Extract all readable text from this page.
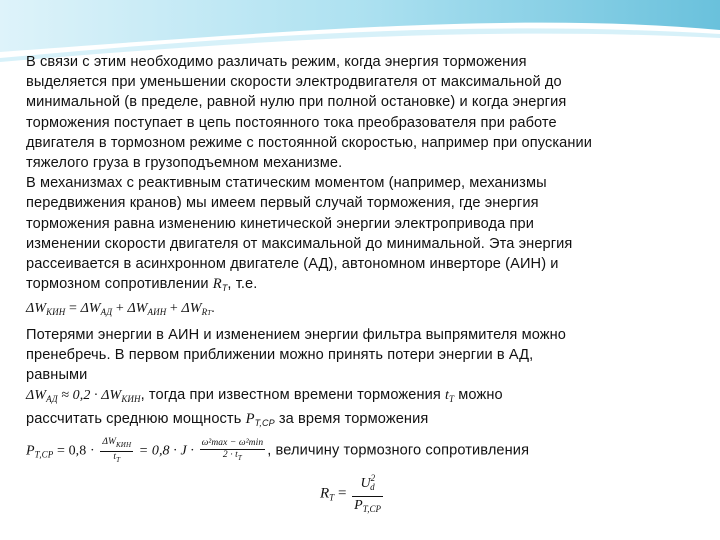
В связи с этим необходимо различать режим, когда энергия торможения
выделяется при уменьшении скорости электродвигателя от максимальной до
минимальной (в пределе, равной нулю при полной остановке) и когда энергия
торможения поступает в цепь постоянного тока преобразователя при работе
двигателя в тормозном режиме с постоянной скоростью, например при опускании
тяжелого груза в грузоподъемном механизме.
В механизмах с реактивным статическим моментом (например, механизмы
передвижения кранов) мы имеем первый случай торможения, где энергия
торможения равна изменению кинетической энергии электропривода при
изменении скорости двигателя от максимальной до минимальной. Эта энергия
рассеивается в асинхронном двигателе (АД), автономном инверторе (АИН) и
тормозном сопротивлении $R_Т$, т.е.
$\Delta W_{КИН} = \Delta W_{АД} + \Delta W_{АИН} + \Delta W_{RТ}$.
Потерями энергии в АИН и изменением энергии фильтра выпрямителя можно
пренебречь. В первом приближении можно принять потери энергии в АД,
равными
$\Delta W_{АД} \approx 0,2 \cdot \Delta W_{КИН}$, тогда при известном времени торможения $t_Т$ можно
рассчитать среднюю мощность $P_{Т,СР}$ за время торможения
$P_{Т,СР} = 0,8 \cdot \frac{\Delta W_{КИН}}{t_Т} = 0,8 \cdot J \cdot \frac{\text{ω²max − ω²min}}{2 \cdot t_Т}$ , величину тормозного сопротивления
$R_Т = \frac{U^2_d}{P_{Т,СР}}$
